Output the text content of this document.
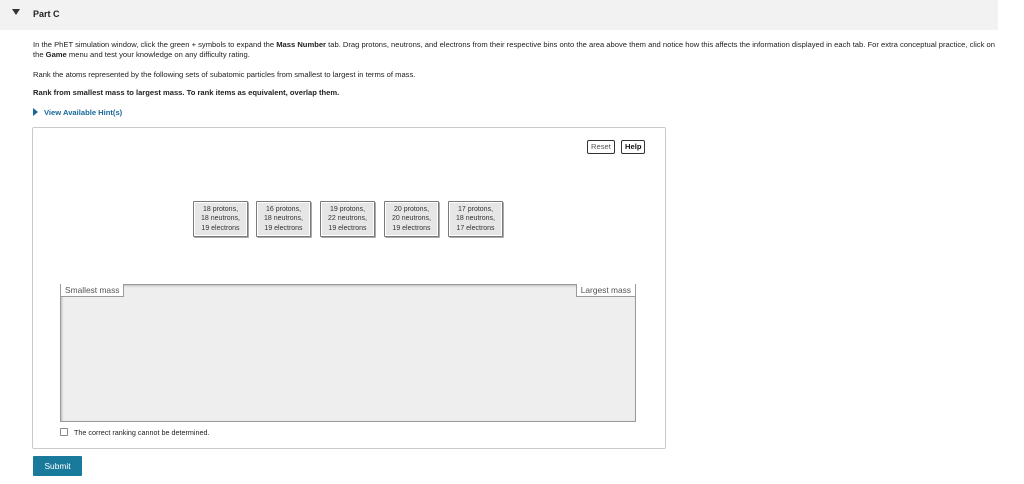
Part C
In the PhET simulation window, click the green + symbols to expand the Mass Number tab. Drag protons, neutrons, and electrons from their respective bins onto the area above them and notice how this affects the information displayed in each tab. For extra conceptual practice, click on the Game menu and test your knowledge on any difficulty rating.
Rank the atoms represented by the following sets of subatomic particles from smallest to largest in terms of mass.
Rank from smallest mass to largest mass. To rank items as equivalent, overlap them.
View Available Hint(s)
Reset	Help
18 protons,
18 neutrons,
19 electrons
16 protons,
18 neutrons,
19 electrons
19 protons,
22 neutrons,
19 electrons
20 protons,
20 neutrons,
19 electrons
17 protons,
18 neutrons,
17 electrons
Smallest mass	Largest mass
The correct ranking cannot be determined.
Submit
